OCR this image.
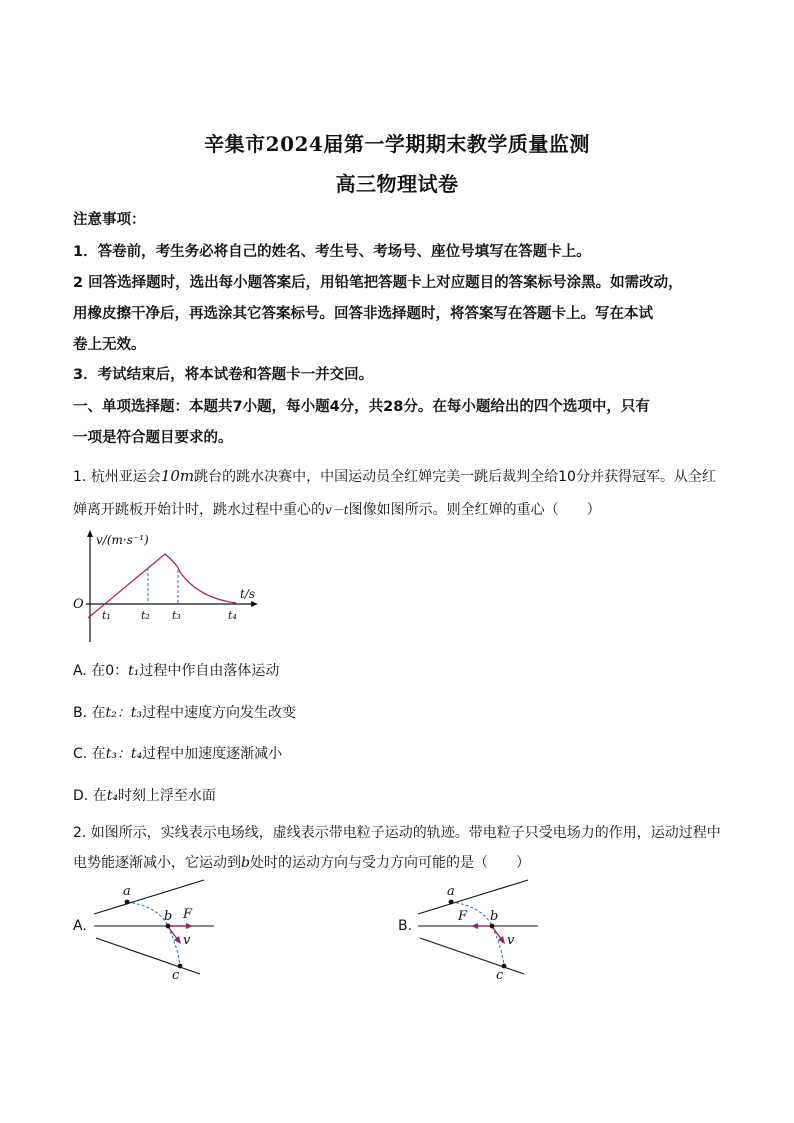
辛集市2024届第一学期期末教学质量监测
高三物理试卷
注意事项：
1．答卷前，考生务必将自己的姓名、考生号、考场号、座位号填写在答题卡上。
2 回答选择题时，选出每小题答案后，用铅笔把答题卡上对应题目的答案标号涂黑。如需改动，
用橡皮擦干净后，再选涂其它答案标号。回答非选择题时，将答案写在答题卡上。写在本试
卷上无效。
3．考试结束后，将本试卷和答题卡一并交回。
一、单项选择题：本题共7小题，每小题4分，共28分。在每小题给出的四个选项中，只有
一项是符合题目要求的。
1. 杭州亚运会10m跳台的跳水决赛中，中国运动员全红婵完美一跳后裁判全给10分并获得冠军。从全红
婵离开跳板开始计时，跳水过程中重心的v－t图像如图所示。则全红婵的重心（　　）
v/(m·s⁻¹)
t/s
O
t₁	t₂ t₃	t₄
A. 在0：t₁过程中作自由落体运动
B. 在t₂：t₃过程中速度方向发生改变
C. 在t₃：t₄过程中加速度逐渐减小
D. 在t₄时刻上浮至水面
2. 如图所示，实线表示电场线，虚线表示带电粒子运动的轨迹。带电粒子只受电场力的作用，运动过程中
电势能逐渐减小，它运动到b处时的运动方向与受力方向可能的是（　　）
A.
a
b
c
F
v
B.
a
b
c
F
v
